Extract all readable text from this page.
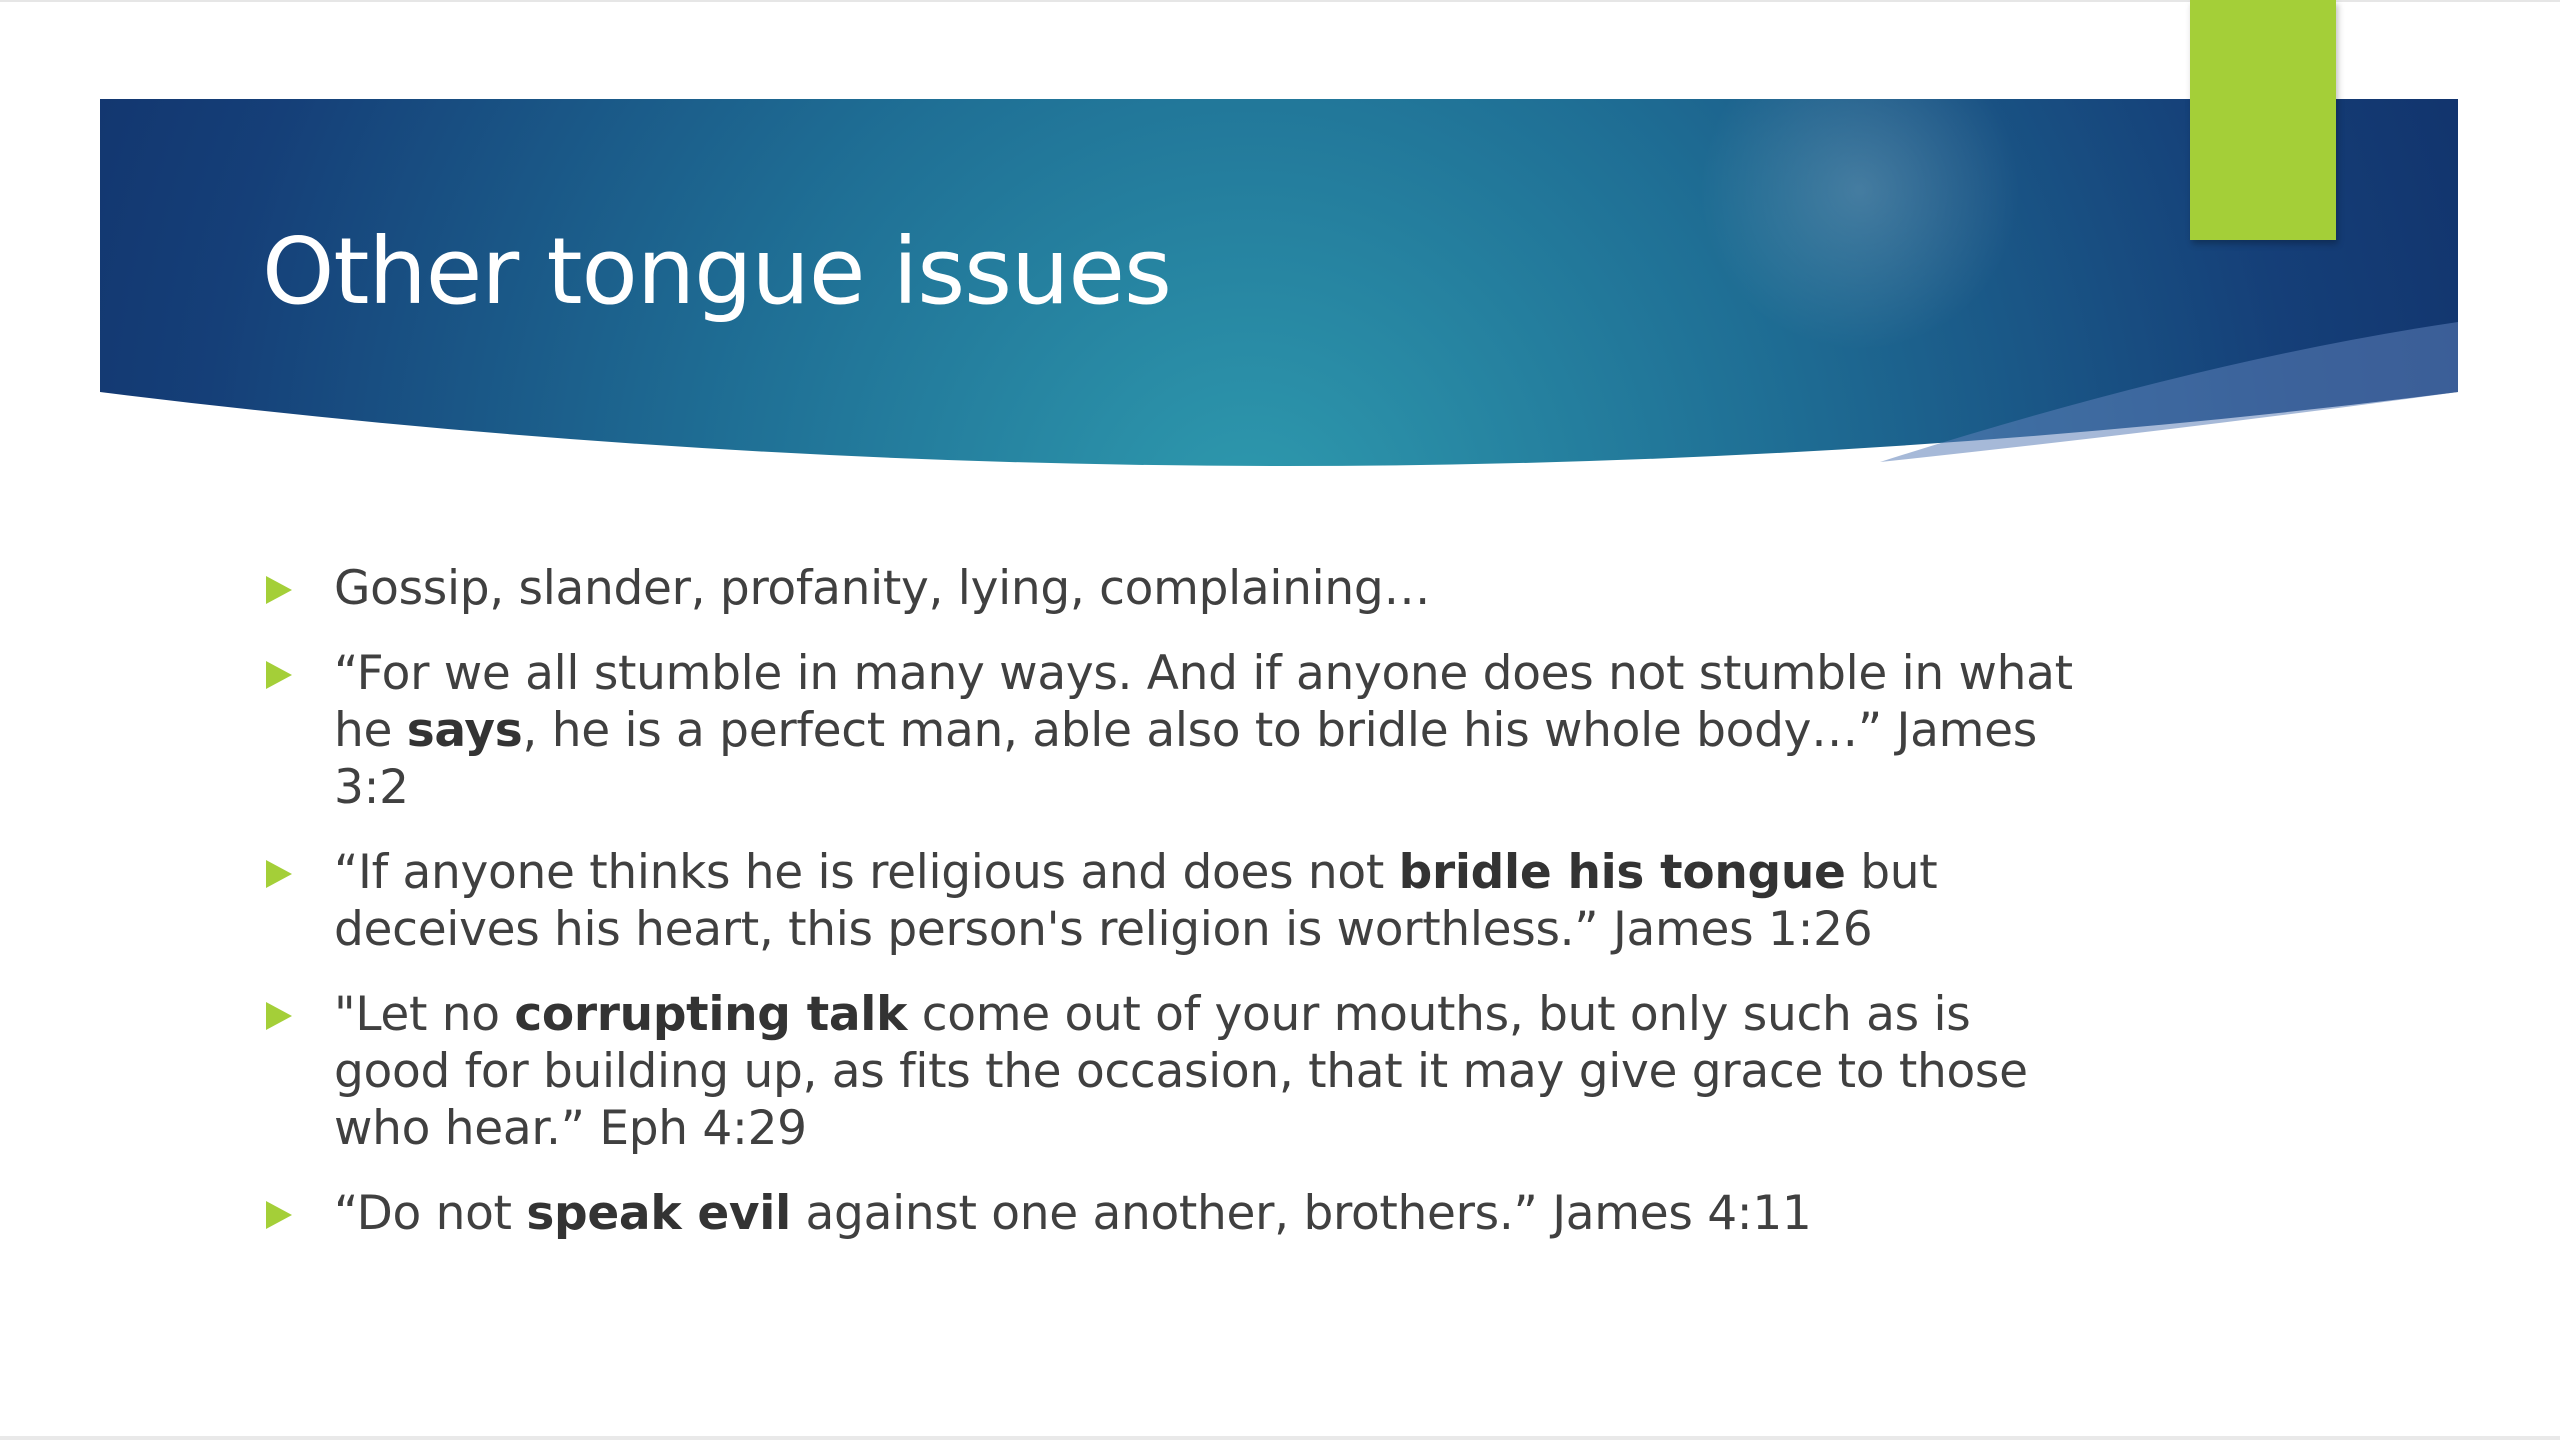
Other tongue issues
Gossip, slander, profanity, lying, complaining…
“For we all stumble in many ways. And if anyone does not stumble in what he says, he is a perfect man, able also to bridle his whole body…” James 3:2
“If anyone thinks he is religious and does not bridle his tongue but deceives his heart, this person's religion is worthless.” James 1:26
"Let no corrupting talk come out of your mouths, but only such as is good for building up, as fits the occasion, that it may give grace to those who hear.” Eph 4:29
“Do not speak evil against one another, brothers.” James 4:11
